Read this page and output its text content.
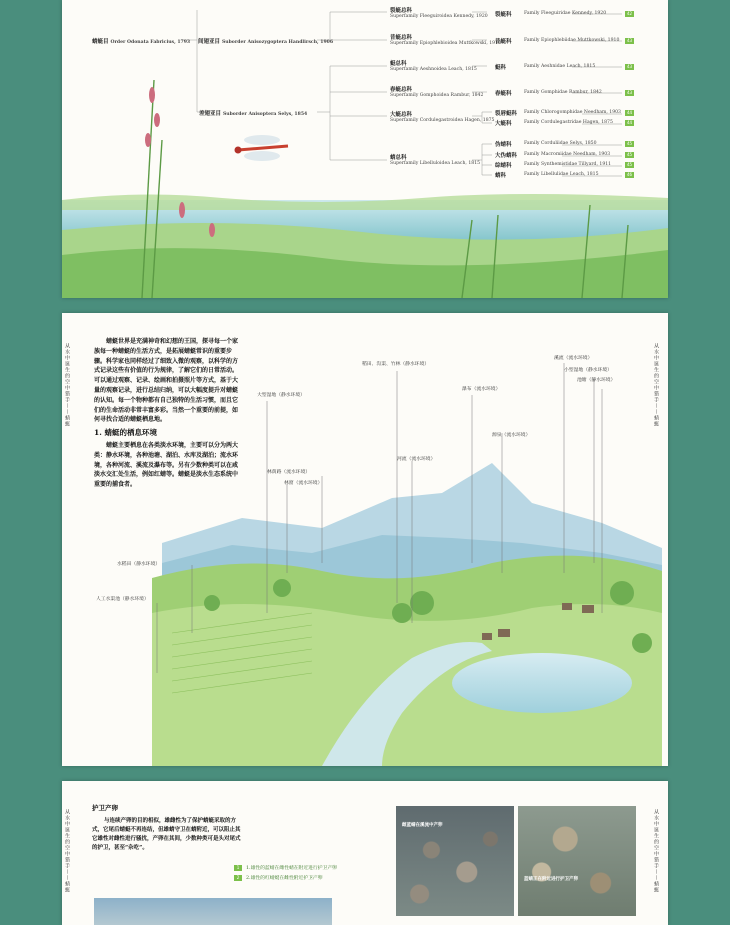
蜻蜓目 Order Odonata Fabricius, 1793 间翅亚目 Suborder Anisozygoptera Handlirsch, 1906
差翅亚目 Suborder Anisoptera Selys, 1854
裂蜓总科
Superfamily Fleeguiroidea Kennedy, 1920
昔蜓总科
Superfamily Epiophlebioidea Muttkowski, 1910
蜓总科
Superfamily Aeshnoidea Leach, 1815
春蜓总科
Superfamily Gomphoidea Rambur, 1842
大蜓总科
Superfamily Cordulegastroidea Hagen, 1875
蜻总科
Superfamily Libelluloidea Leach, 1815
裂蜓科	Family Fleeguiridae Kennedy, 1920	42
昔蜓科	Family Epiophlebiidae Muttkowski, 1910	43
蜓科	Family Aeshnidae Leach, 1815	43
春蜓科	Family Gomphidae Rambur, 1842	43
裂唇蜓科 Family Chlorogomphidae Needham, 1903	44
大蜓科	Family Cordulegastridae Hagen, 1875	44
伪蜻科	Family Corduliidae Selys, 1850	45
大伪蜻科 Family Macromiidae Needham, 1903	45
综蜻科	Family Synthemistidae Tillyard, 1911	45
蜻科	Family Libellulidae Leach, 1815	46
从水中诞生的空中猎手——蜻蜓	从水中诞生的空中猎手——蜻蜓
蜻蜓世界是充满神奇和幻想的王国，探寻每一个家族每一种蜻蜓的生活方式，是拓展蜻蜓常识的重要步骤。科学家也同样经过了细致入微的观察，以科学的方式记录这些有价值的行为规律，了解它们的日常活动。可以通过观察、记录、绘画和拍摄照片等方式，基于大量的观察记录，进行总结归纳，可以大幅度提升对蜻蜓的认知。每一个物种都有自己独特的生活习惯，而且它们的生命活动非常丰富多彩。当然一个重要的前提，如何寻找合适的蜻蜓栖息地。
1. 蜻蜓的栖息环境
蜻蜓主要栖息在各类淡水环境，主要可以分为两大类：静水环境，各种池塘、湖泊、水库及湖泊；流水环境，各种河流、溪流及瀑布等。另有少数种类可以在咸淡水交汇处生活，例如红蜻等。蜻蜓是淡水生态系统中重要的捕食者。
稻田、沟渠、竹林（静水环境）
大型湿地（静水环境）
溪流（流水环境）
小型湿地（静水环境）
池塘（静水环境）
瀑布（流水环境）
源泉（流水环境）
河流（流水环境）
林荫路（流水环境）
林窗（流水环境）
水稻田（静水环境）
人工水渠池（静水环境）
从水中诞生的空中猎手——蜻蜓	从水中诞生的空中猎手——蜻蜓
护卫产卵
与连续产卵的目的相似，雄雌性为了保护蜻蜓采取的方式，它尾后蜻蜓不再连结，但雄蜻守卫在蜻附近，可以阻止其它雄性对雌性进行骚扰，产卵在其间，少数种类可是头对尾式的护卫，甚至“杂吃”。
1	1.雄性的蓝蜻在雌性蜻在附近进行护卫产卵
2	2.雄性的红蜻蜓在雌性附近护卫产卵
雌蓝蜻在溪流中产卵
蓝蜻正在附近进行护卫产卵
